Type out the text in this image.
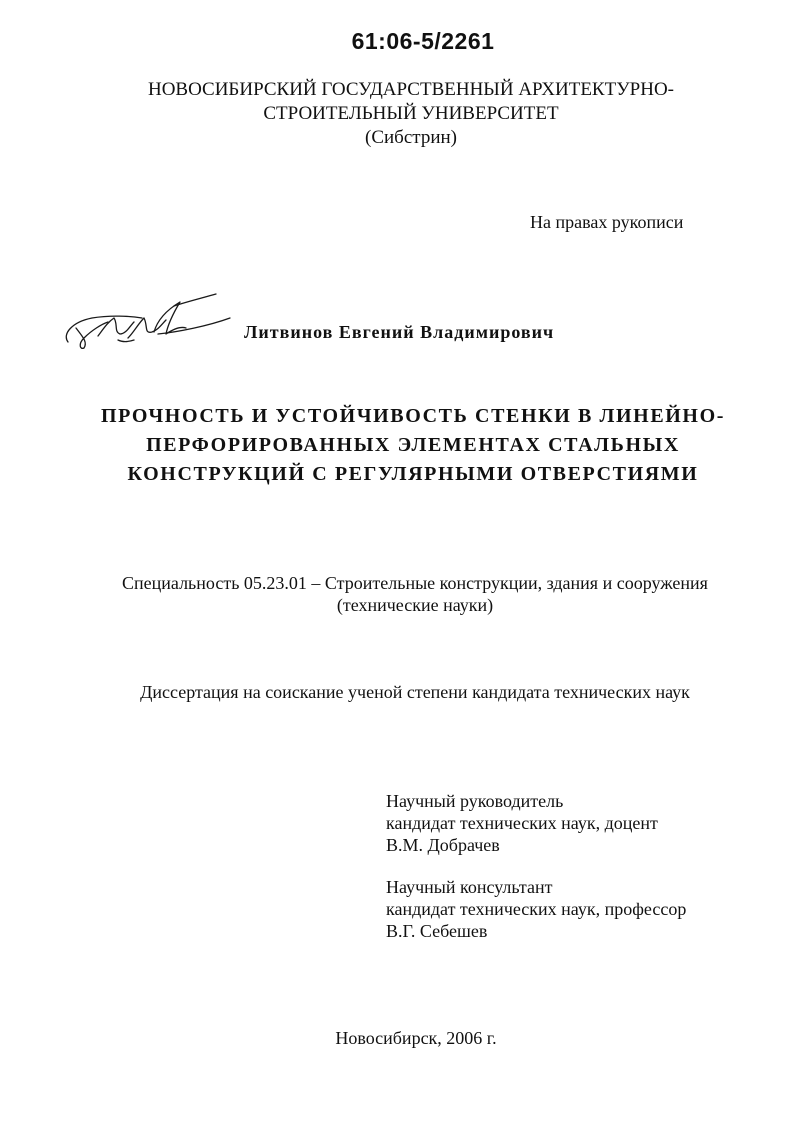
61:06-5/2261
НОВОСИБИРСКИЙ ГОСУДАРСТВЕННЫЙ АРХИТЕКТУРНО-
СТРОИТЕЛЬНЫЙ УНИВЕРСИТЕТ
(Сибстрин)
На правах рукописи
Литвинов Евгений Владимирович
ПРОЧНОСТЬ И УСТОЙЧИВОСТЬ СТЕНКИ В ЛИНЕЙНО-
ПЕРФОРИРОВАННЫХ ЭЛЕМЕНТАХ СТАЛЬНЫХ
КОНСТРУКЦИЙ С РЕГУЛЯРНЫМИ ОТВЕРСТИЯМИ
Специальность 05.23.01 – Строительные конструкции, здания и сооружения
(технические науки)
Диссертация на соискание ученой степени кандидата технических наук
Научный руководитель
кандидат технических наук, доцент
В.М. Добрачев
Научный консультант
кандидат технических наук, профессор
В.Г. Себешев
Новосибирск, 2006 г.
